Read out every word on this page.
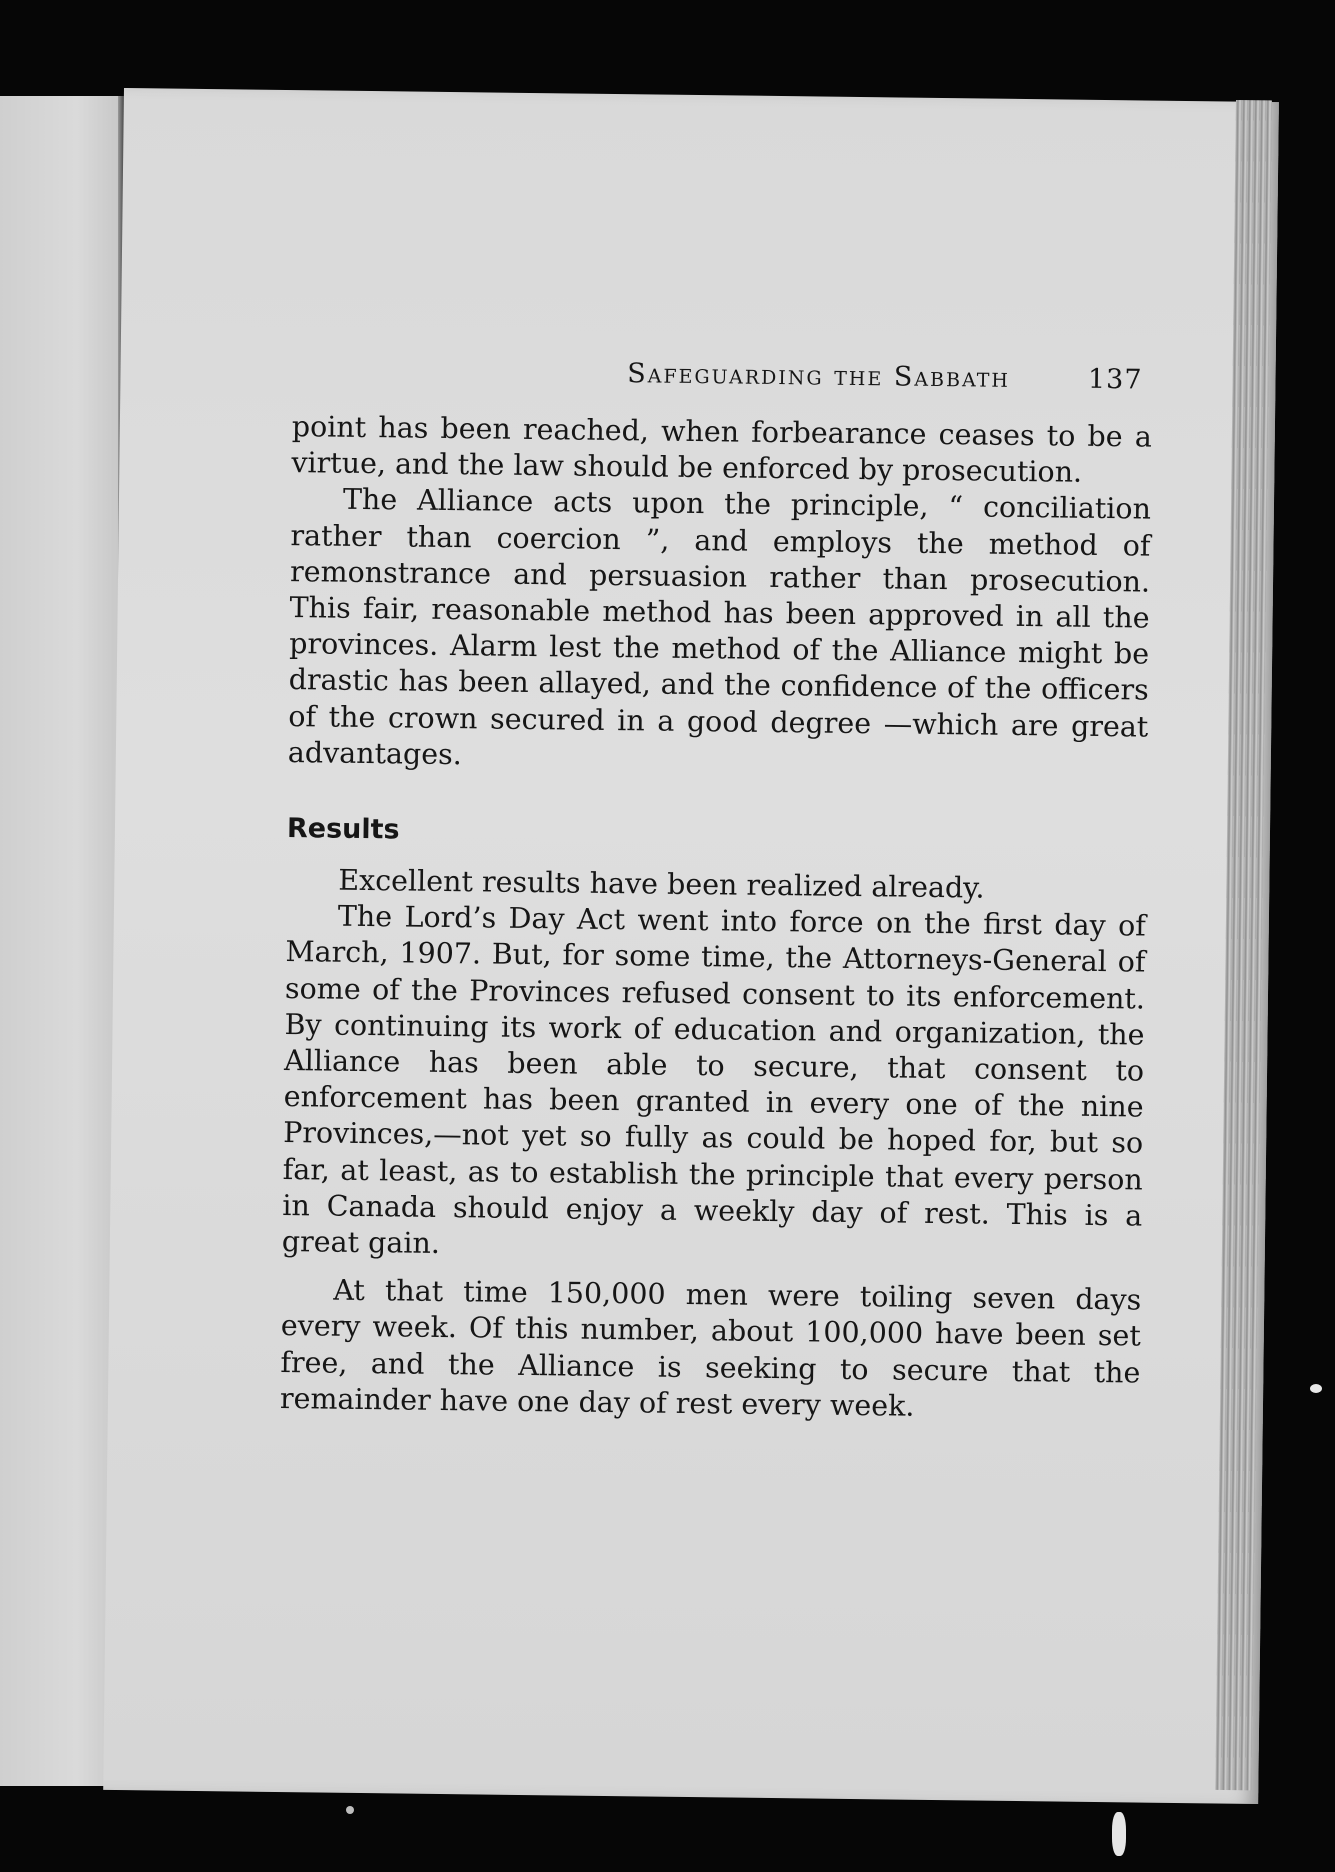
Safeguarding the Sabbath	137

point has been reached, when forbearance ceases to be a virtue, and the law should be enforced by prosecution.

The Alliance acts upon the principle, “ conciliation rather than coercion ”, and employs the method of remonstrance and persuasion rather than prosecution. This fair, reasonable method has been approved in all the provinces. Alarm lest the method of the Alliance might be drastic has been allayed, and the confidence of the officers of the crown secured in a good degree —which are great advantages.

Results

Excellent results have been realized already.

The Lord’s Day Act went into force on the first day of March, 1907. But, for some time, the Attorneys-General of some of the Provinces refused consent to its enforcement. By continuing its work of education and organization, the Alliance has been able to secure, that consent to enforcement has been granted in every one of the nine Provinces,—not yet so fully as could be hoped for, but so far, at least, as to establish the principle that every person in Canada should enjoy a weekly day of rest. This is a great gain.

At that time 150,000 men were toiling seven days every week. Of this number, about 100,000 have been set free, and the Alliance is seeking to secure that the remainder have one day of rest every week.
